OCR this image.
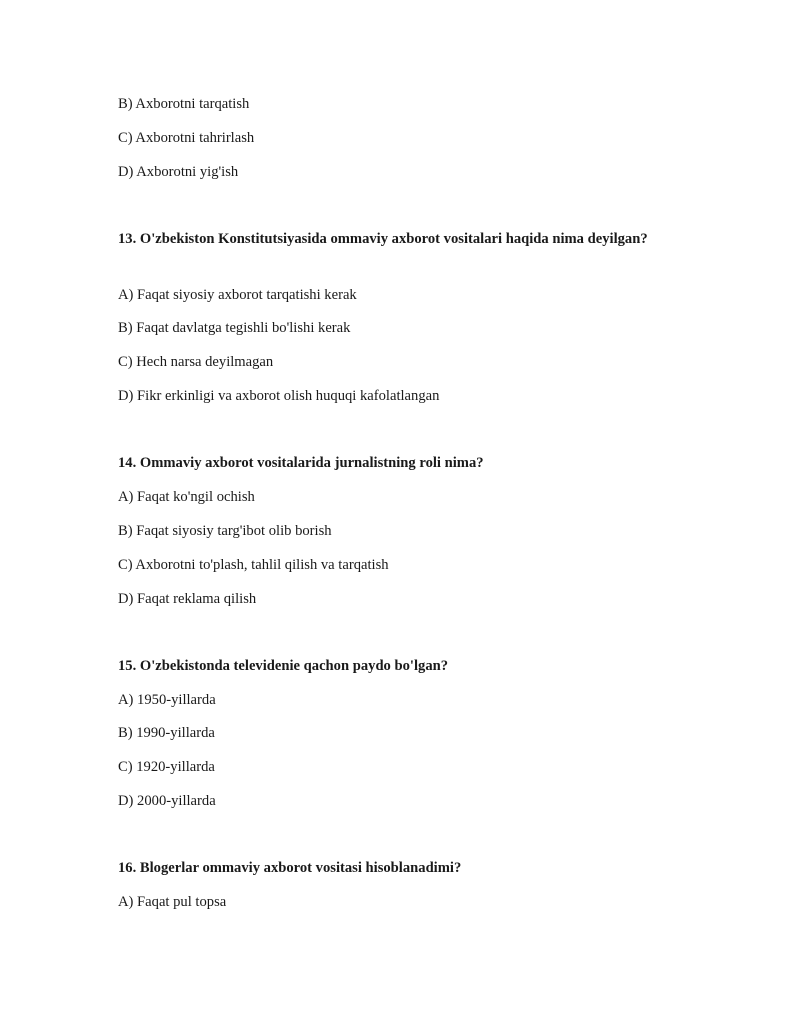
B) Axborotni tarqatish
C) Axborotni tahrirlash
D) Axborotni yig'ish
13. O'zbekiston Konstitutsiyasida ommaviy axborot vositalari haqida nima deyilgan?
A) Faqat siyosiy axborot tarqatishi kerak
B) Faqat davlatga tegishli bo'lishi kerak
C) Hech narsa deyilmagan
D) Fikr erkinligi va axborot olish huquqi kafolatlangan
14. Ommaviy axborot vositalarida jurnalistning roli nima?
A) Faqat ko'ngil ochish
B) Faqat siyosiy targ'ibot olib borish
C) Axborotni to'plash, tahlil qilish va tarqatish
D) Faqat reklama qilish
15. O'zbekistonda televidenie qachon paydo bo'lgan?
A) 1950-yillarda
B) 1990-yillarda
C) 1920-yillarda
D) 2000-yillarda
16. Blogerlar ommaviy axborot vositasi hisoblanadimi?
A) Faqat pul topsa
